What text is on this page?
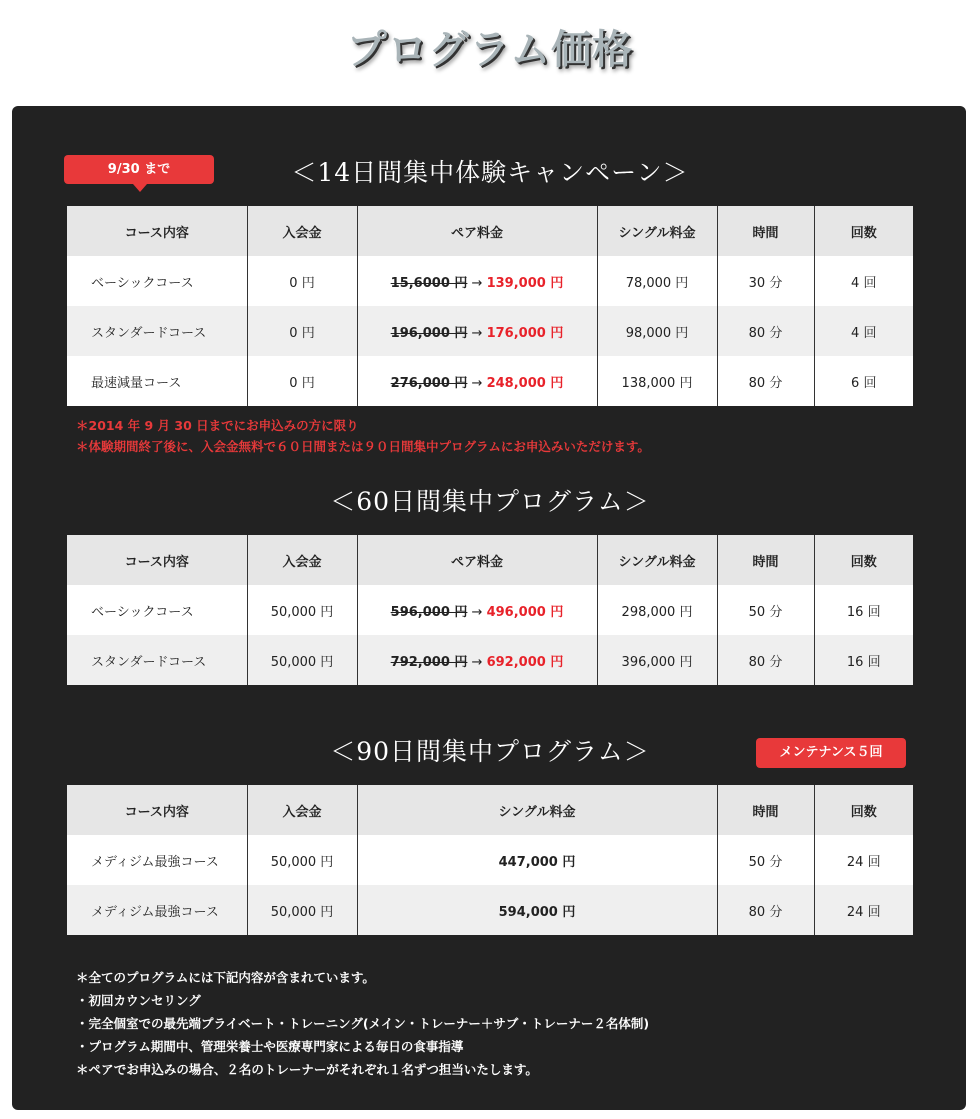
プログラム価格
9/30 まで	＜14日間集中体験キャンペーン＞
コース内容	入会金	ペア料金	シングル料金	時間	回数
ベーシックコース	0 円	15,6000 円 → 139,000 円	78,000 円	30 分	4 回
スタンダードコース	0 円	196,000 円 → 176,000 円	98,000 円	80 分	4 回
最速減量コース	0 円	276,000 円 → 248,000 円	138,000 円	80 分	6 回
＊2014 年 9 月 30 日までにお申込みの方に限り
＊体験期間終了後に、入会金無料で６０日間または９０日間集中プログラムにお申込みいただけます。
＜60日間集中プログラム＞
コース内容	入会金	ペア料金	シングル料金	時間	回数
ベーシックコース	50,000 円	596,000 円 → 496,000 円	298,000 円	50 分	16 回
スタンダードコース	50,000 円	792,000 円 → 692,000 円	396,000 円	80 分	16 回
＜90日間集中プログラム＞	メンテナンス５回
コース内容	入会金	シングル料金	時間	回数
メディジム最強コース	50,000 円	447,000 円	50 分	24 回
メディジム最強コース	50,000 円	594,000 円	80 分	24 回
＊全てのプログラムには下記内容が含まれています。
・初回カウンセリング
・完全個室での最先端プライベート・トレーニング(メイン・トレーナー＋サブ・トレーナー２名体制)
・プログラム期間中、管理栄養士や医療専門家による毎日の食事指導
＊ペアでお申込みの場合、２名のトレーナーがそれぞれ１名ずつ担当いたします。
